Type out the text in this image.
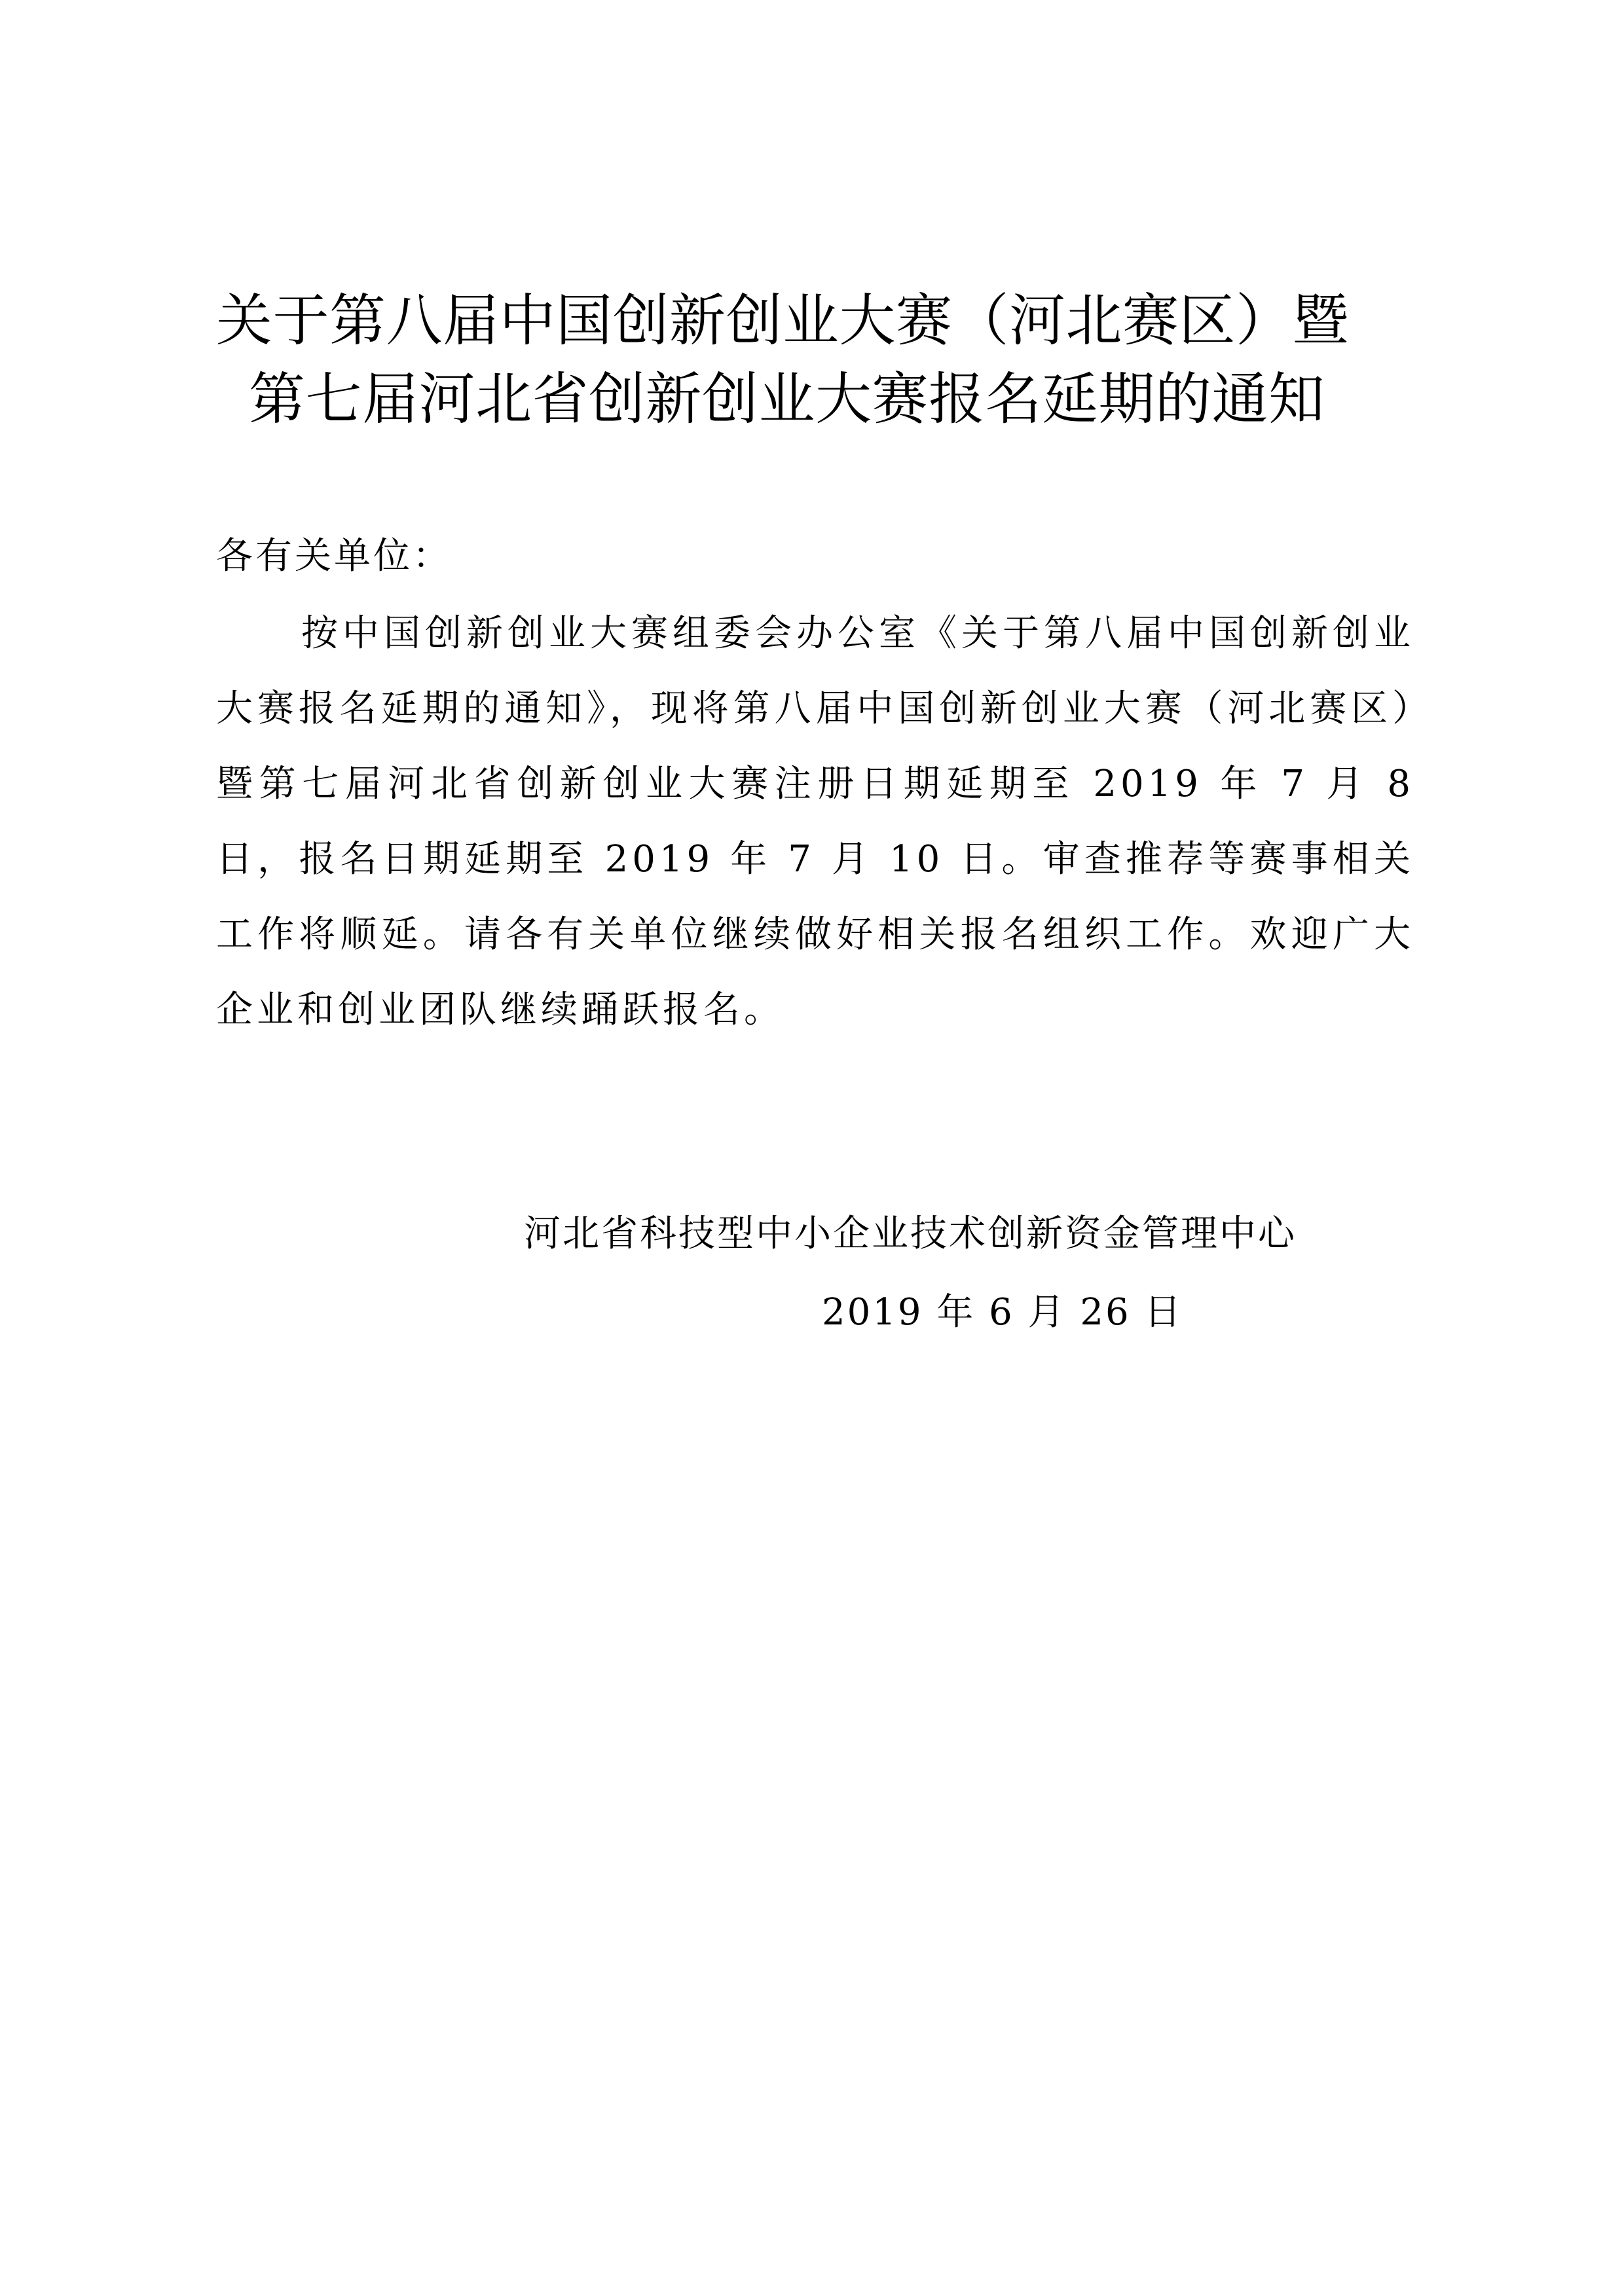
关于第八届中国创新创业大赛（河北赛区）暨
第七届河北省创新创业大赛报名延期的通知
各有关单位：

按中国创新创业大赛组委会办公室《关于第八届中国创新创业大赛报名延期的通知》，现将第八届中国创新创业大赛（河北赛区）暨第七届河北省创新创业大赛注册日期延期至 2019 年 7 月 8 日，报名日期延期至 2019 年 7 月 10 日。审查推荐等赛事相关工作将顺延。请各有关单位继续做好相关报名组织工作。欢迎广大企业和创业团队继续踊跃报名。

河北省科技型中小企业技术创新资金管理中心
2019 年 6 月 26 日
